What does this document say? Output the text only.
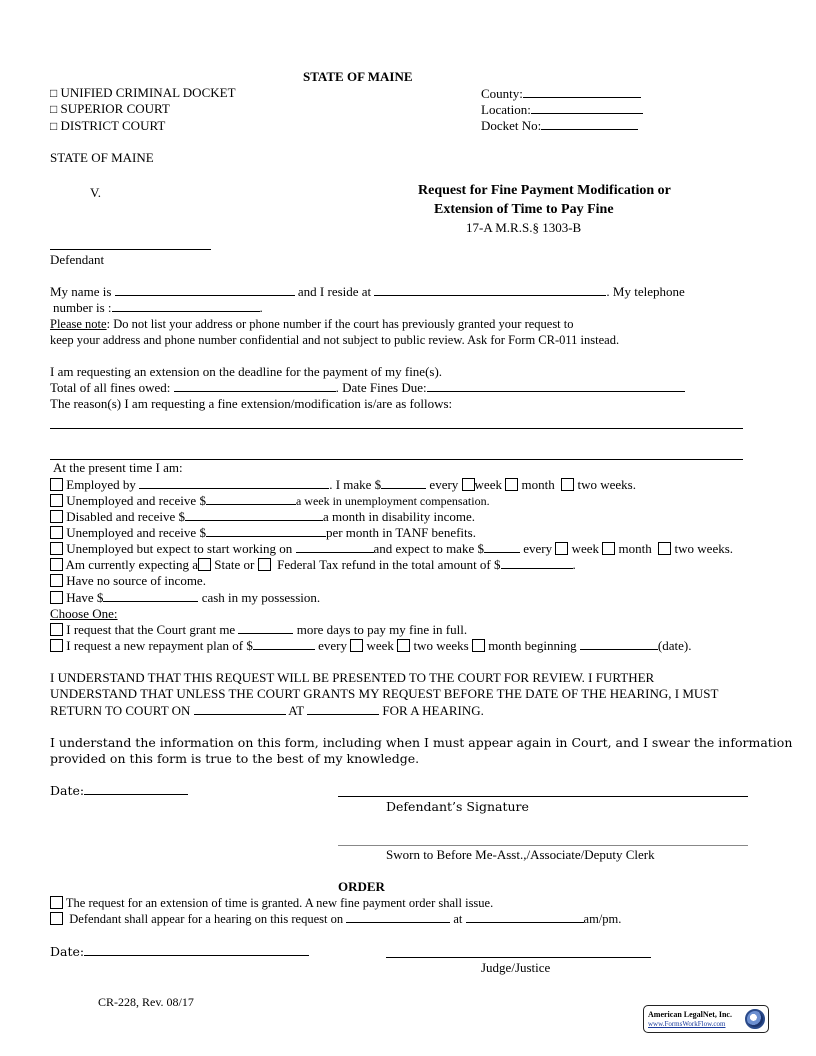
STATE OF MAINE
□ UNIFIED CRIMINAL DOCKET
□ SUPERIOR COURT
□ DISTRICT COURT
County:
Location:
Docket No:
STATE OF MAINE
V.	Request for Fine Payment Modification or
Extension of Time to Pay Fine
17-A M.R.S.§ 1303-B
Defendant
My name is	and I reside at	. My telephone
number is :	.
Please note: Do not list your address or phone number if the court has previously granted your request to
keep your address and phone number confidential and not subject to public review. Ask for Form CR-011 instead.
I am requesting an extension on the deadline for the payment of my fine(s).
Total of all fines owed:	. Date Fines Due:
The reason(s) I am requesting a fine extension/modification is/are as follows:
At the present time I am:
Employed by	. I make $	every week month two weeks.
Unemployed and receive $	a week in unemployment compensation.
Disabled and receive $	a month in disability income.
Unemployed and receive $	per month in TANF benefits.
Unemployed but expect to start working on	and expect to make $	every week month two weeks.
Am currently expecting a State or Federal Tax refund in the total amount of $	.
Have no source of income.
Have $	cash in my possession.
Choose One:
I request that the Court grant me	more days to pay my fine in full.
I request a new repayment plan of $	every week two weeks month beginning	(date).
I UNDERSTAND THAT THIS REQUEST WILL BE PRESENTED TO THE COURT FOR REVIEW. I FURTHER
UNDERSTAND THAT UNLESS THE COURT GRANTS MY REQUEST BEFORE THE DATE OF THE HEARING, I MUST
RETURN TO COURT ON	AT	FOR A HEARING.
I understand the information on this form, including when I must appear again in Court, and I swear the information
provided on this form is true to the best of my knowledge.
Date:
Defendant’s Signature
Sworn to Before Me-Asst.,/Associate/Deputy Clerk
ORDER
The request for an extension of time is granted. A new fine payment order shall issue.
Defendant shall appear for a hearing on this request on	at	am/pm.
Date:
Judge/Justice
CR-228, Rev. 08/17
American LegalNet, Inc.
www.FormsWorkFlow.com
